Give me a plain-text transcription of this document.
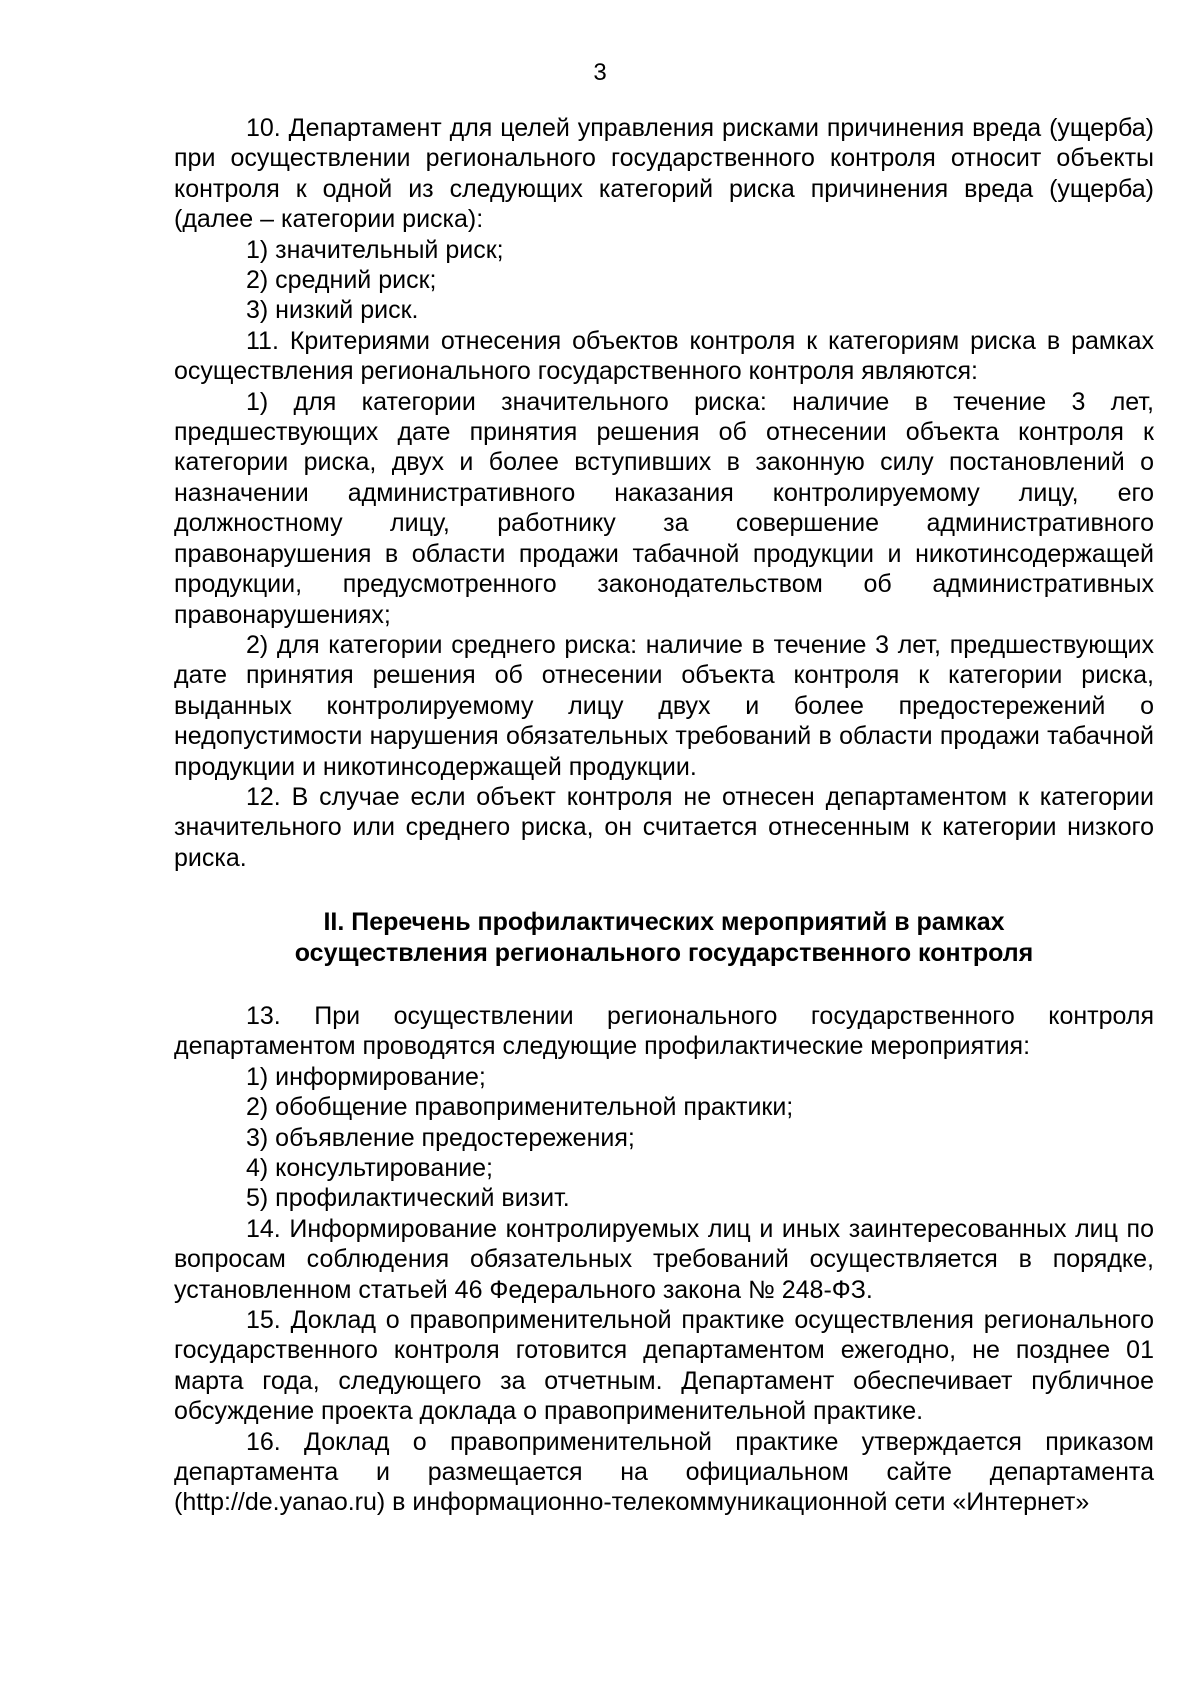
3

10. Департамент для целей управления рисками причинения вреда (ущерба) при осуществлении регионального государственного контроля относит объекты контроля к одной из следующих категорий риска причинения вреда (ущерба) (далее – категории риска):

1) значительный риск;

2) средний риск;

3) низкий риск.

11. Критериями отнесения объектов контроля к категориям риска в рамках осуществления регионального государственного контроля являются:

1) для категории значительного риска: наличие в течение 3 лет, предшествующих дате принятия решения об отнесении объекта контроля к категории риска, двух и более вступивших в законную силу постановлений о назначении административного наказания контролируемому лицу, его должностному лицу, работнику за совершение административного правонарушения в области продажи табачной продукции и никотинсодержащей продукции, предусмотренного законодательством об административных правонарушениях;

2) для категории среднего риска: наличие в течение 3 лет, предшествующих дате принятия решения об отнесении объекта контроля к категории риска, выданных контролируемому лицу двух и более предостережений о недопустимости нарушения обязательных требований в области продажи табачной продукции и никотинсодержащей продукции.

12. В случае если объект контроля не отнесен департаментом к категории значительного или среднего риска, он считается отнесенным к категории низкого риска.

II. Перечень профилактических мероприятий в рамках
осуществления регионального государственного контроля

13. При осуществлении регионального государственного контроля департаментом проводятся следующие профилактические мероприятия:

1) информирование;

2) обобщение правоприменительной практики;

3) объявление предостережения;

4) консультирование;

5) профилактический визит.

14. Информирование контролируемых лиц и иных заинтересованных лиц по вопросам соблюдения обязательных требований осуществляется в порядке, установленном статьей 46 Федерального закона № 248-ФЗ.

15. Доклад о правоприменительной практике осуществления регионального государственного контроля готовится департаментом ежегодно, не позднее 01 марта года, следующего за отчетным. Департамент обеспечивает публичное обсуждение проекта доклада о правоприменительной практике.

16. Доклад о правоприменительной практике утверждается приказом департамента и размещается на официальном сайте департамента (http://de.yanao.ru) в информационно-телекоммуникационной сети «Интернет»
